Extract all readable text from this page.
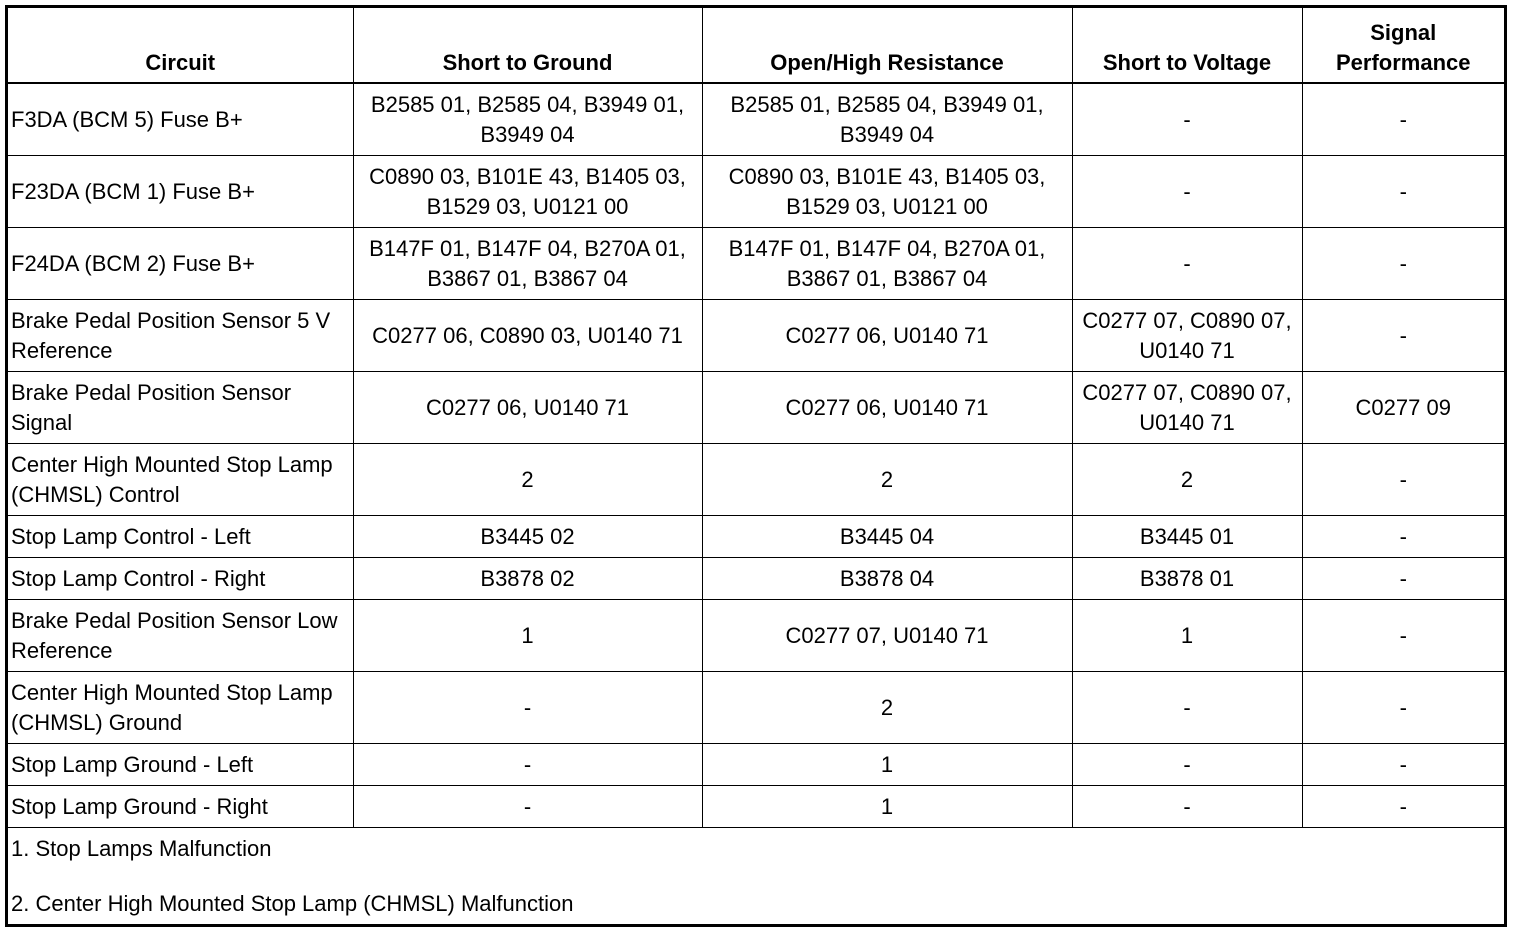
Circuit	Short to Ground	Open/High Resistance	Short to Voltage	Signal
Performance
F3DA (BCM 5) Fuse B+	B2585 01, B2585 04, B3949 01, B3949 04	B2585 01, B2585 04, B3949 01, B3949 04	-	-
F23DA (BCM 1) Fuse B+	C0890 03, B101E 43, B1405 03, B1529 03, U0121 00	C0890 03, B101E 43, B1405 03, B1529 03, U0121 00	-	-
F24DA (BCM 2) Fuse B+	B147F 01, B147F 04, B270A 01, B3867 01, B3867 04	B147F 01, B147F 04, B270A 01, B3867 01, B3867 04	-	-
Brake Pedal Position Sensor 5 V Reference	C0277 06, C0890 03, U0140 71	C0277 06, U0140 71	C0277 07, C0890 07, U0140 71	-
Brake Pedal Position Sensor Signal	C0277 06, U0140 71	C0277 06, U0140 71	C0277 07, C0890 07, U0140 71	C0277 09
Center High Mounted Stop Lamp (CHMSL) Control	2	2	2	-
Stop Lamp Control - Left	B3445 02	B3445 04	B3445 01	-
Stop Lamp Control - Right	B3878 02	B3878 04	B3878 01	-
Brake Pedal Position Sensor Low Reference	1	C0277 07, U0140 71	1	-
Center High Mounted Stop Lamp (CHMSL) Ground	-	2	-	-
Stop Lamp Ground - Left	-	1	-	-
Stop Lamp Ground - Right	-	1	-	-

1. Stop Lamps Malfunction
2. Center High Mounted Stop Lamp (CHMSL) Malfunction				
